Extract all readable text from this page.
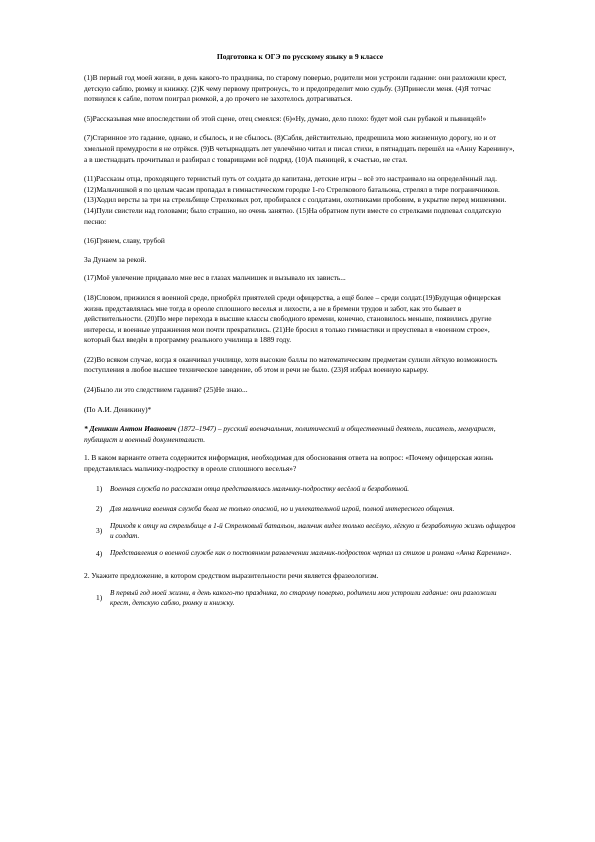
Подготовка к ОГЭ по русскому языку в 9 классе
(1)В первый год моей жизни, в день какого-то праздника, по старому поверью, родители мои устроили гадание: они разложили крест, детскую саблю, рюмку и книжку. (2)К чему первому притронусь, то и предопределит мою судьбу. (3)Принесли меня. (4)Я тотчас потянулся к сабле, потом поиграл рюмкой, а до прочего не захотелось дотрагиваться.
(5)Рассказывая мне впоследствии об этой сцене, отец смеялся: (6)«Ну, думаю, дело плохо: будет мой сын рубакой и пьяницей!»
(7)Старинное это гадание, однако, и сбылось, и не сбылось. (8)Сабля, действительно, предрешила мою жизненную дорогу, но и от хмельной премудрости я не отрёкся. (9)В четырнадцать лет увлечённо читал и писал стихи, в пятнадцать перешёл на «Анну Каренину», а в шестнадцать прочитывал и разбирал с товарищами всё подряд. (10)А пьяницей, к счастью, не стал.
(11)Рассказы отца, проходящего тернистый путь от солдата до капитана, детские игры – всё это настраивало на определённый лад. (12)Мальчишкой я по целым часам пропадал в гимнастическом городке 1-го Стрелкового батальона, стрелял в тире пограничников. (13)Ходил версты за три на стрельбище Стрелковых рот, пробирался с солдатами, охотниками пробовим, в укрытие перед мишенями. (14)Пули свистели над головами; было страшно, но очень занятно. (15)На обратном пути вместе со стрелками подпевал солдатскую песню:
(16)Грянем, славу, трубой
За Дунаем за рекой.
(17)Моё увлечение придавало мне вес в глазах мальчишек и вызывало их зависть...
(18)Словом, прижился я военной среде, приобрёл приятелей среди офицерства, а ещё более – среди солдат.(19)Будущая офицерская жизнь представлялась мне тогда в ореоле сплошного веселья и лихости, а не в бремени трудов и забот, как это бывает в действительности. (20)По мере перехода в высшие классы свободного времени, конечно, становилось меньше, появились другие интересы, и военные упражнения мои почти прекратились. (21)Не бросил я только гимнастики и преуспевал в «военном строе», который был введён в программу реального училища в 1889 году.
(22)Во всяком случае, когда я оканчивал училище, хотя высокие баллы по математическим предметам сулили лёгкую возможность поступления в любое высшее техническое заведение, об этом и речи не было. (23)Я избрал военную карьеру.
(24)Было ли это следствием гадания? (25)Не знаю...
(По А.И. Деникину)*
* Деникин Антон Иванович (1872–1947) – русский военачальник, политический и общественный деятель, писатель, мемуарист, публицист и военный документалист.
1. В каком варианте ответа содержится информация, необходимая для обоснования ответа на вопрос: «Почему офицерская жизнь представлялась мальчику-подростку в ореоле сплошного веселья»?
1)	Военная служба по рассказам отца представлялась мальчику-подростку весёлой и безработной.
2)	Для мальчика военная служба была не только опасной, но и увлекательной игрой, полной интересного общения.
3)
Приходя к отцу на стрельбище в 1-й Стрелковый батальон, мальчик видел только весёлую, лёгкую и безработную жизнь офицеров и солдат.
4)	Представления о военной службе как о постоянном развлечении мальчик-подросток черпал из стихов и романа «Анна Каренина».
2. Укажите предложение, в котором средством выразительности речи является фразеологизм.
1)
В первый год моей жизни, в день какого-то праздника, по старому поверью, родители мои устроили гадание: они разложили крест, детскую саблю, рюмку и книжку.
